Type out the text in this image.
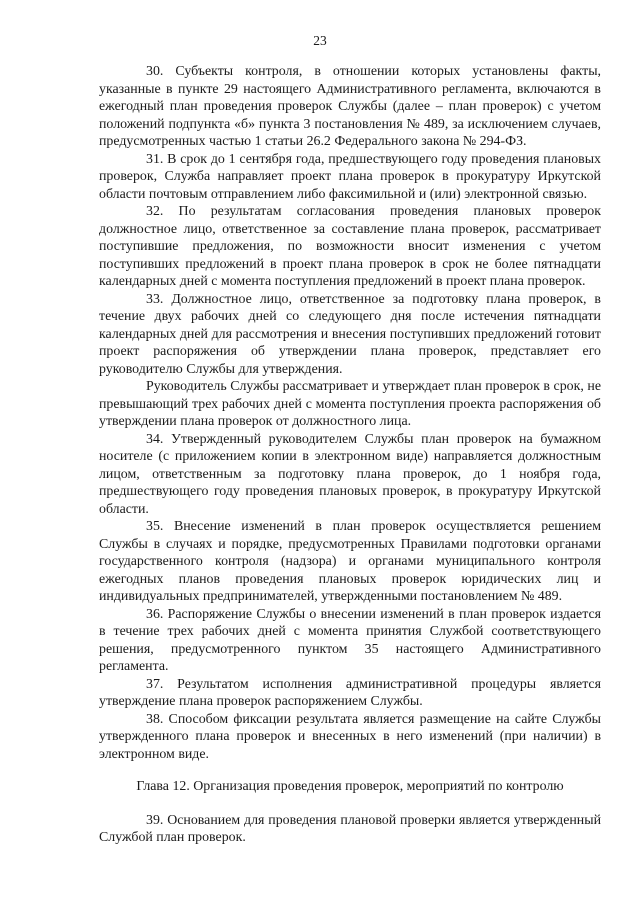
23

30. Субъекты контроля, в отношении которых установлены факты, указанные в пункте 29 настоящего Административного регламента, включаются в ежегодный план проведения проверок Службы (далее – план проверок) с учетом положений подпункта «б» пункта 3 постановления № 489, за исключением случаев, предусмотренных частью 1 статьи 26.2 Федерального закона № 294-ФЗ.

31. В срок до 1 сентября года, предшествующего году проведения плановых проверок, Служба направляет проект плана проверок в прокуратуру Иркутской области почтовым отправлением либо факсимильной и (или) электронной связью.

32. По результатам согласования проведения плановых проверок должностное лицо, ответственное за составление плана проверок, рассматривает поступившие предложения, по возможности вносит изменения с учетом поступивших предложений в проект плана проверок в срок не более пятнадцати календарных дней с момента поступления предложений в проект плана проверок.

33. Должностное лицо, ответственное за подготовку плана проверок, в течение двух рабочих дней со следующего дня после истечения пятнадцати календарных дней для рассмотрения и внесения поступивших предложений готовит проект распоряжения об утверждении плана проверок, представляет его руководителю Службы для утверждения.

Руководитель Службы рассматривает и утверждает план проверок в срок, не превышающий трех рабочих дней с момента поступления проекта распоряжения об утверждении плана проверок от должностного лица.

34. Утвержденный руководителем Службы план проверок на бумажном носителе (с приложением копии в электронном виде) направляется должностным лицом, ответственным за подготовку плана проверок, до 1 ноября года, предшествующего году проведения плановых проверок, в прокуратуру Иркутской области.

35. Внесение изменений в план проверок осуществляется решением Службы в случаях и порядке, предусмотренных Правилами подготовки органами государственного контроля (надзора) и органами муниципального контроля ежегодных планов проведения плановых проверок юридических лиц и индивидуальных предпринимателей, утвержденными постановлением № 489.

36. Распоряжение Службы о внесении изменений в план проверок издается в течение трех рабочих дней с момента принятия Службой соответствующего решения, предусмотренного пунктом 35 настоящего Административного регламента.

37. Результатом исполнения административной процедуры является утверждение плана проверок распоряжением Службы.

38. Способом фиксации результата является размещение на сайте Службы утвержденного плана проверок и внесенных в него изменений (при наличии) в электронном виде.

Глава 12. Организация проведения проверок, мероприятий по контролю

39. Основанием для проведения плановой проверки является утвержденный Службой план проверок.
